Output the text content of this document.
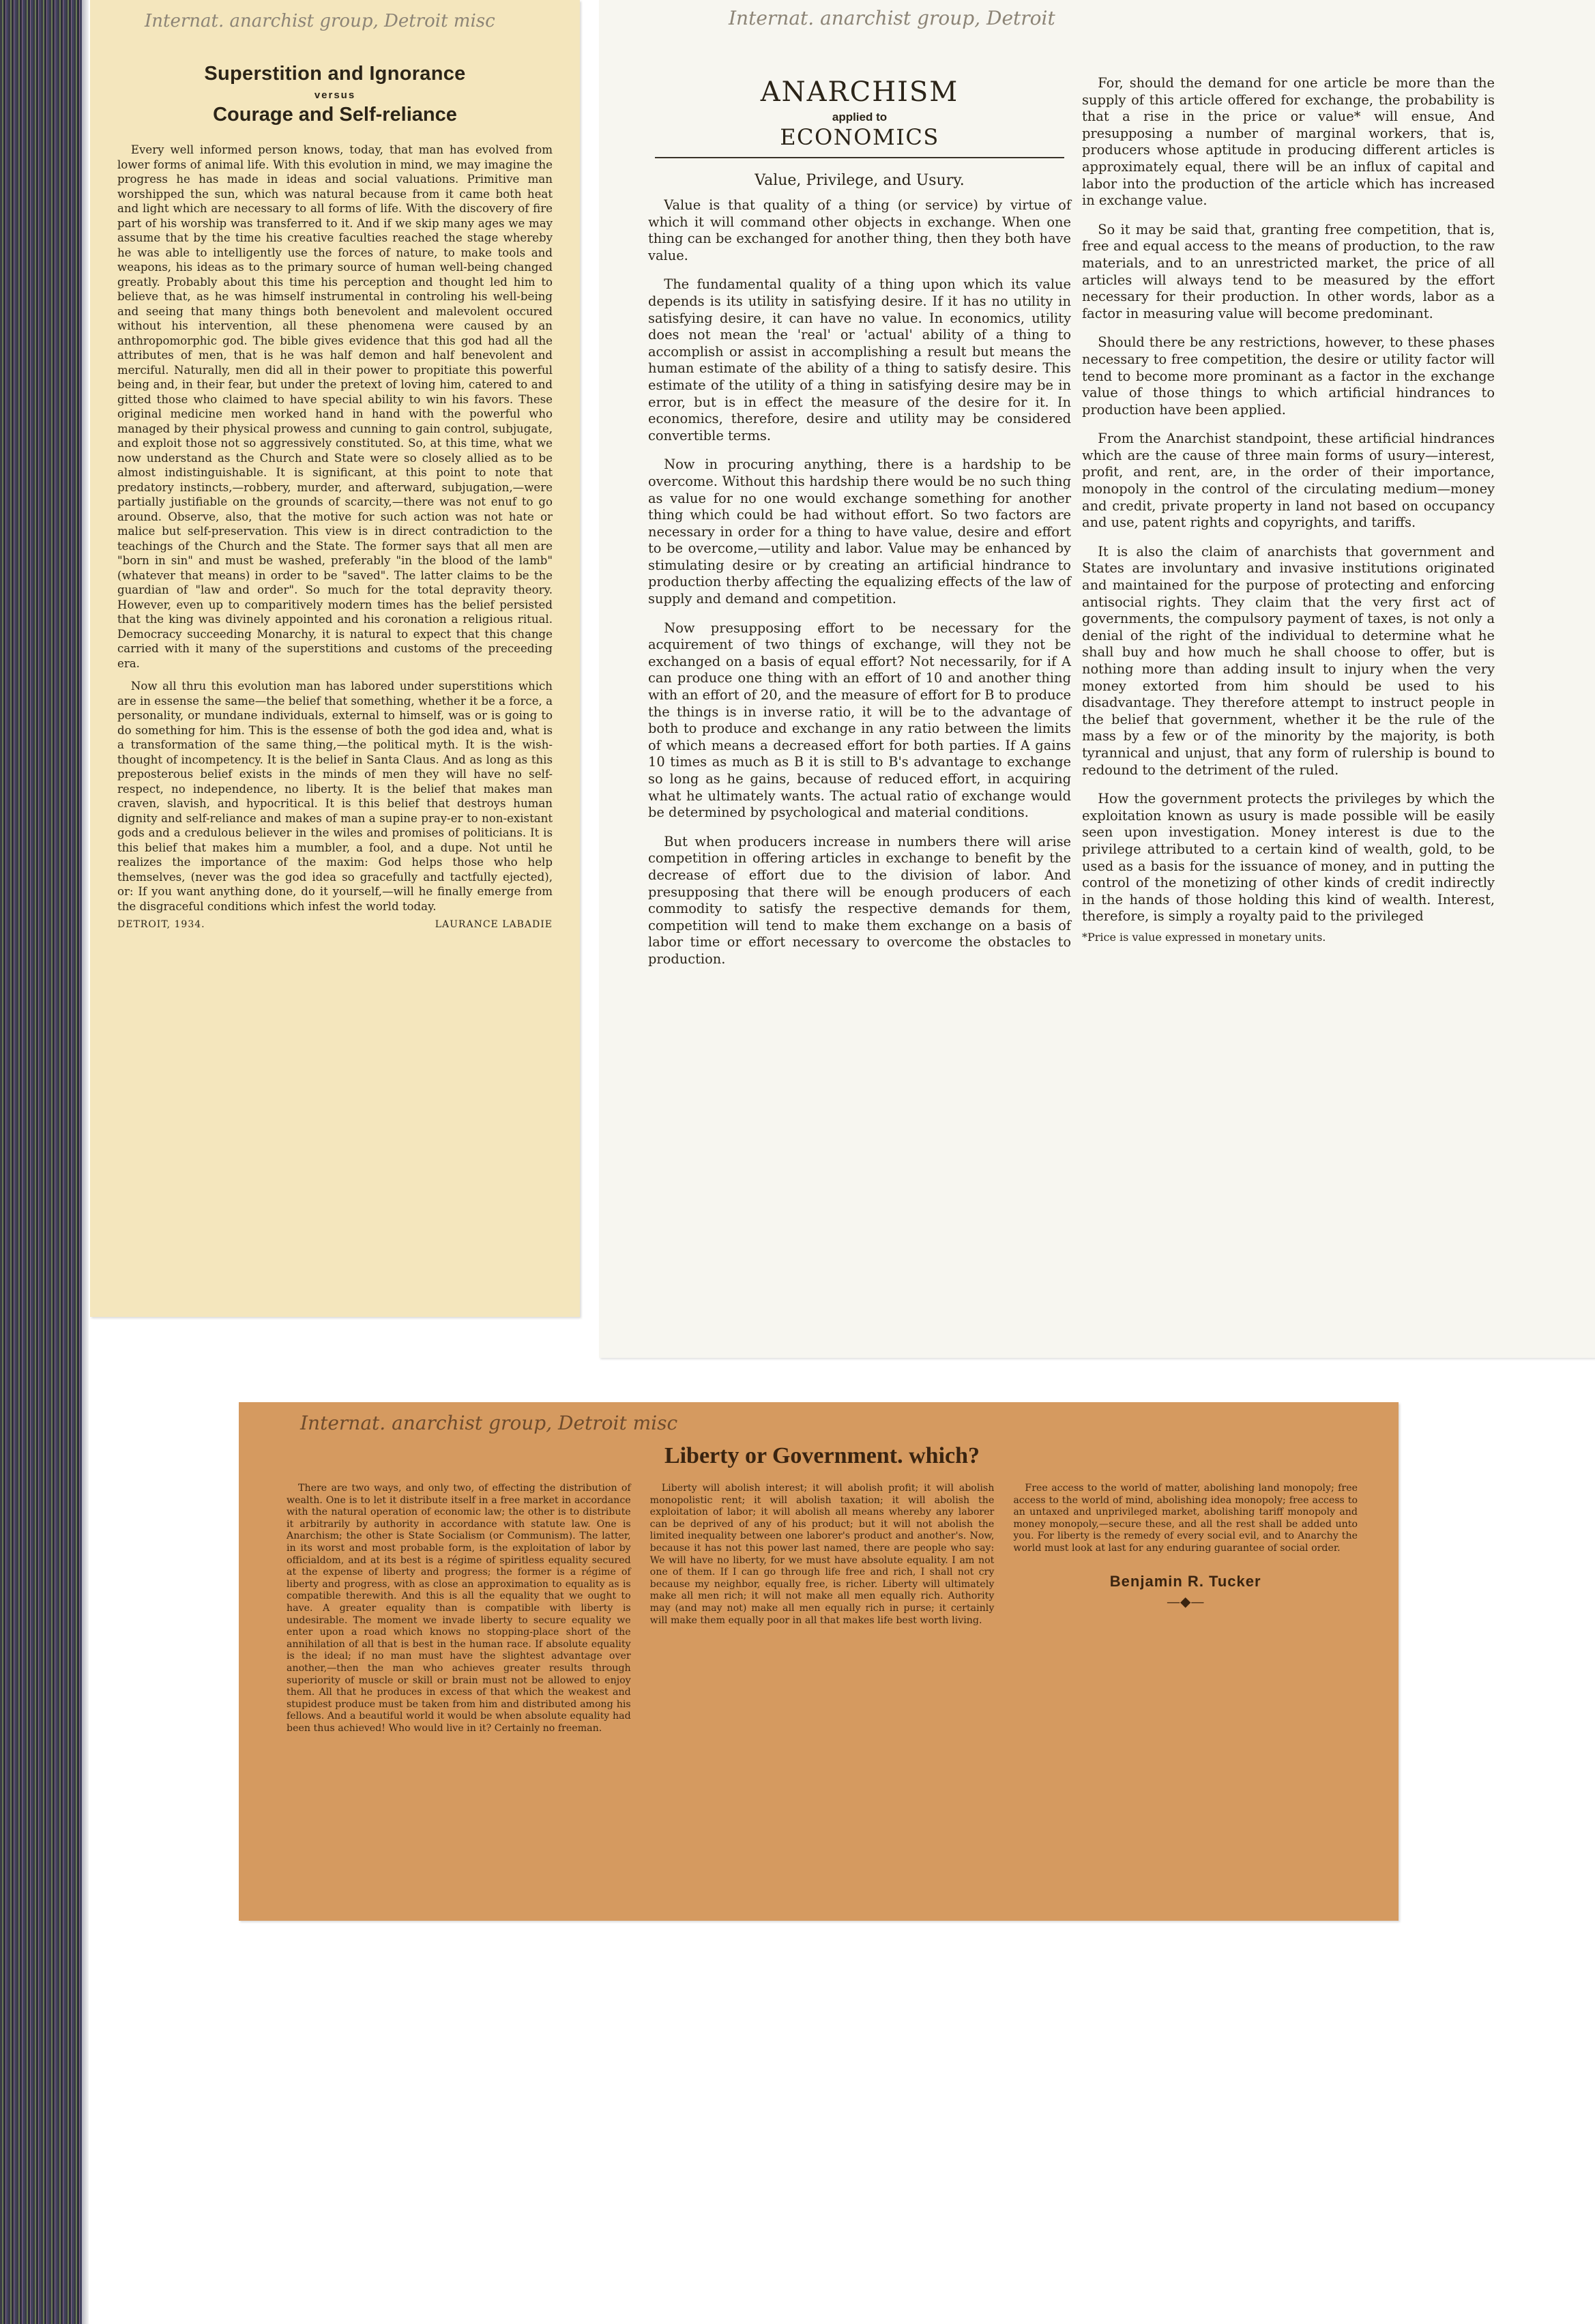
Internat. anarchist group, Detroit misc
Superstition and Ignorance
versus
Courage and Self-reliance

Every well informed person knows, today, that man has evolved from lower forms of animal life. With this evolution in mind, we may imagine the progress he has made in ideas and social valuations. Primitive man worshipped the sun, which was natural because from it came both heat and light which are necessary to all forms of life. With the discovery of fire part of his worship was transferred to it. And if we skip many ages we may assume that by the time his creative faculties reached the stage whereby he was able to intelligently use the forces of nature, to make tools and weapons, his ideas as to the primary source of human well-being changed greatly. Probably about this time his perception and thought led him to believe that, as he was himself instrumental in controling his well-being and seeing that many things both benevolent and malevolent occured without his intervention, all these phenomena were caused by an anthropomorphic god. The bible gives evidence that this god had all the attributes of men, that is he was half demon and half benevolent and merciful. Naturally, men did all in their power to propitiate this powerful being and, in their fear, but under the pretext of loving him, catered to and gitted those who claimed to have special ability to win his favors. These original medicine men worked hand in hand with the powerful who managed by their physical prowess and cunning to gain control, subjugate, and exploit those not so aggressively constituted. So, at this time, what we now understand as the Church and State were so closely allied as to be almost indistinguishable. It is significant, at this point to note that predatory instincts,—robbery, murder, and afterward, subjugation,—were partially justifiable on the grounds of scarcity,—there was not enuf to go around. Observe, also, that the motive for such action was not hate or malice but self-preservation. This view is in direct contradiction to the teachings of the Church and the State. The former says that all men are "born in sin" and must be washed, preferably "in the blood of the lamb" (whatever that means) in order to be "saved". The latter claims to be the guardian of "law and order". So much for the total depravity theory. However, even up to comparitively modern times has the belief persisted that the king was divinely appointed and his coronation a religious ritual. Democracy succeeding Monarchy, it is natural to expect that this change carried with it many of the superstitions and customs of the preceeding era.

Now all thru this evolution man has labored under superstitions which are in essense the same—the belief that something, whether it be a force, a personality, or mundane individuals, external to himself, was or is going to do something for him. This is the essense of both the god idea and, what is a transformation of the same thing,—the political myth. It is the wish-thought of incompetency. It is the belief in Santa Claus. And as long as this preposterous belief exists in the minds of men they will have no self-respect, no independence, no liberty. It is the belief that makes man craven, slavish, and hypocritical. It is this belief that destroys human dignity and self-reliance and makes of man a supine pray-er to non-existant gods and a credulous believer in the wiles and promises of politicians. It is this belief that makes him a mumbler, a fool, and a dupe. Not until he realizes the importance of the maxim: God helps those who help themselves, (never was the god idea so gracefully and tactfully ejected), or: If you want anything done, do it yourself,—will he finally emerge from the disgraceful conditions which infest the world today.

DETROIT, 1934.	LAURANCE LABADIE
Internat. anarchist group, Detroit
ANARCHISM
applied to
ECONOMICS
Value, Privilege, and Usury.

Value is that quality of a thing (or service) by virtue of which it will command other objects in exchange. When one thing can be exchanged for another thing, then they both have value.

The fundamental quality of a thing upon which its value depends is its utility in satisfying desire. If it has no utility in satisfying desire, it can have no value. In economics, utility does not mean the 'real' or 'actual' ability of a thing to accomplish or assist in accomplishing a result but means the human estimate of the ability of a thing to satisfy desire. This estimate of the utility of a thing in satisfying desire may be in error, but is in effect the measure of the desire for it. In economics, therefore, desire and utility may be considered convertible terms.

Now in procuring anything, there is a hardship to be overcome. Without this hardship there would be no such thing as value for no one would exchange something for another thing which could be had without effort. So two factors are necessary in order for a thing to have value, desire and effort to be overcome,—utility and labor. Value may be enhanced by stimulating desire or by creating an artificial hindrance to production therby affecting the equalizing effects of the law of supply and demand and competition.

Now presupposing effort to be necessary for the acquirement of two things of exchange, will they not be exchanged on a basis of equal effort? Not necessarily, for if A can produce one thing with an effort of 10 and another thing with an effort of 20, and the measure of effort for B to produce the things is in inverse ratio, it will be to the advantage of both to produce and exchange in any ratio between the limits of which means a decreased effort for both parties. If A gains 10 times as much as B it is still to B's advantage to exchange so long as he gains, because of reduced effort, in acquiring what he ultimately wants. The actual ratio of exchange would be determined by psychological and material conditions.

But when producers increase in numbers there will arise competition in offering articles in exchange to benefit by the decrease of effort due to the division of labor. And presupposing that there will be enough producers of each commodity to satisfy the respective demands for them, competition will tend to make them exchange on a basis of labor time or effort necessary to overcome the obstacles to production.

For, should the demand for one article be more than the supply of this article offered for exchange, the probability is that a rise in the price or value* will ensue, And presupposing a number of marginal workers, that is, producers whose aptitude in producing different articles is approximately equal, there will be an influx of capital and labor into the production of the article which has increased in exchange value.

So it may be said that, granting free competition, that is, free and equal access to the means of production, to the raw materials, and to an unrestricted market, the price of all articles will always tend to be measured by the effort necessary for their production. In other words, labor as a factor in measuring value will become predominant.

Should there be any restrictions, however, to these phases necessary to free competition, the desire or utility factor will tend to become more prominant as a factor in the exchange value of those things to which artificial hindrances to production have been applied.

From the Anarchist standpoint, these artificial hindrances which are the cause of three main forms of usury—interest, profit, and rent, are, in the order of their importance, monopoly in the control of the circulating medium—money and credit, private property in land not based on occupancy and use, patent rights and copyrights, and tariffs.

It is also the claim of anarchists that government and States are involuntary and invasive institutions originated and maintained for the purpose of protecting and enforcing antisocial rights. They claim that the very first act of governments, the compulsory payment of taxes, is not only a denial of the right of the individual to determine what he shall buy and how much he shall choose to offer, but is nothing more than adding insult to injury when the very money extorted from him should be used to his disadvantage. They therefore attempt to instruct people in the belief that government, whether it be the rule of the mass by a few or of the minority by the majority, is both tyrannical and unjust, that any form of rulership is bound to redound to the detriment of the ruled.

How the government protects the privileges by which the exploitation known as usury is made possible will be easily seen upon investigation. Money interest is due to the privilege attributed to a certain kind of wealth, gold, to be used as a basis for the issuance of money, and in putting the control of the monetizing of other kinds of credit indirectly in the hands of those holding this kind of wealth. Interest, therefore, is simply a royalty paid to the privileged

*Price is value expressed in monetary units.

Internat. anarchist group, Detroit misc
Liberty or Government. which?

There are two ways, and only two, of effecting the distribution of wealth. One is to let it distribute itself in a free market in accordance with the natural operation of economic law; the other is to distribute it arbitrarily by authority in accordance with statute law. One is Anarchism; the other is State Socialism (or Communism). The latter, in its worst and most probable form, is the exploitation of labor by officialdom, and at its best is a régime of spiritless equality secured at the expense of liberty and progress; the former is a régime of liberty and progress, with as close an approximation to equality as is compatible therewith. And this is all the equality that we ought to have. A greater equality than is compatible with liberty is undesirable. The moment we invade liberty to secure equality we enter upon a road which knows no stopping-place short of the annihilation of all that is best in the human race. If absolute equality is the ideal; if no man must have the slightest advantage over another,—then the man who achieves greater results through superiority of muscle or skill or brain must not be allowed to enjoy them. All that he produces in excess of that which the weakest and stupidest produce must be taken from him and distributed among his fellows. And a beautiful world it would be when absolute equality had been thus achieved! Who would live in it? Certainly no freeman.

Liberty will abolish interest; it will abolish profit; it will abolish monopolistic rent; it will abolish taxation; it will abolish the exploitation of labor; it will abolish all means whereby any laborer can be deprived of any of his product; but it will not abolish the limited inequality between one laborer's product and another's. Now, because it has not this power last named, there are people who say: We will have no liberty, for we must have absolute equality. I am not one of them. If I can go through life free and rich, I shall not cry because my neighbor, equally free, is richer. Liberty will ultimately make all men rich; it will not make all men equally rich. Authority may (and may not) make all men equally rich in purse; it certainly will make them equally poor in all that makes life best worth living.

Free access to the world of matter, abolishing land monopoly; free access to the world of mind, abolishing idea monopoly; free access to an untaxed and unprivileged market, abolishing tariff monopoly and money monopoly,—secure these, and all the rest shall be added unto you. For liberty is the remedy of every social evil, and to Anarchy the world must look at last for any enduring guarantee of social order.

Benjamin R. Tucker
—◆—
